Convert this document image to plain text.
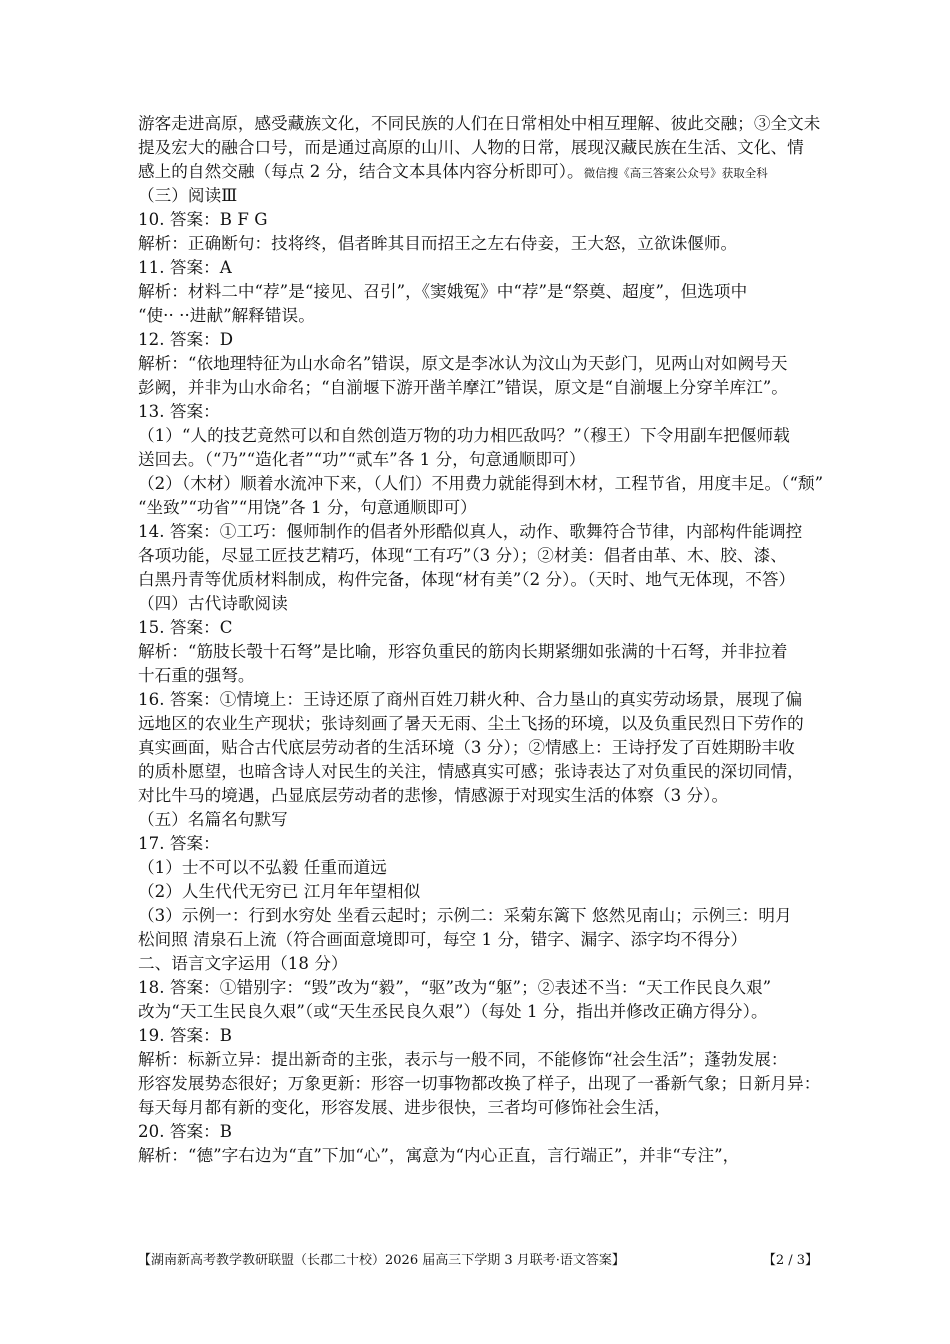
游客走进高原，感受藏族文化，不同民族的人们在日常相处中相互理解、彼此交融；③全文未
提及宏大的融合口号，而是通过高原的山川、人物的日常，展现汉藏民族在生活、文化、情
感上的自然交融（每点 2 分，结合文本具体内容分析即可）。微信搜《高三答案公众号》获取全科
（三）阅读Ⅲ
10. 答案：B F G
解析：正确断句：技将终，倡者眸其目而招王之左右侍妾，王大怒，立欲诛偃师。
11. 答案：A
解析：材料二中“荐”是“接见、召引”，《窦娥冤》中“荐”是“祭奠、超度”，但选项中
“使·· ··进献”解释错误。
12. 答案：D
解析：“依地理特征为山水命名”错误，原文是李冰认为汶山为天彭门，见两山对如阙号天
彭阙，并非为山水命名；“自湔堰下游开凿羊摩江”错误，原文是“自湔堰上分穿羊库江”。
13. 答案：
（1）“人的技艺竟然可以和自然创造万物的功力相匹敌吗？”（穆王）下令用副车把偃师载
送回去。（“乃”“造化者”“功”“贰车”各 1 分，句意通顺即可）
（2）（木材）顺着水流冲下来，（人们）不用费力就能得到木材，工程节省，用度丰足。（“颓”
“坐致”“功省”“用饶”各 1 分，句意通顺即可）
14. 答案：①工巧：偃师制作的倡者外形酷似真人，动作、歌舞符合节律，内部构件能调控
各项功能，尽显工匠技艺精巧，体现“工有巧”（3 分）；②材美：倡者由革、木、胶、漆、
白黑丹青等优质材料制成，构件完备，体现“材有美”（2 分）。（天时、地气无体现，不答）
（四）古代诗歌阅读
15. 答案：C
解析：“筋肢长彀十石弩”是比喻，形容负重民的筋肉长期紧绷如张满的十石弩，并非拉着
十石重的强弩。
16. 答案：①情境上：王诗还原了商州百姓刀耕火种、合力垦山的真实劳动场景，展现了偏
远地区的农业生产现状；张诗刻画了暑天无雨、尘土飞扬的环境，以及负重民烈日下劳作的
真实画面，贴合古代底层劳动者的生活环境（3 分）；②情感上：王诗抒发了百姓期盼丰收
的质朴愿望，也暗含诗人对民生的关注，情感真实可感；张诗表达了对负重民的深切同情，
对比牛马的境遇，凸显底层劳动者的悲惨，情感源于对现实生活的体察（3 分）。
（五）名篇名句默写
17. 答案：
（1）士不可以不弘毅 任重而道远
（2）人生代代无穷已 江月年年望相似
（3）示例一：行到水穷处 坐看云起时；示例二：采菊东篱下 悠然见南山；示例三：明月
松间照 清泉石上流（符合画面意境即可，每空 1 分，错字、漏字、添字均不得分）
二、语言文字运用（18 分）
18. 答案：①错别字：“毁”改为“毅”，“驱”改为“躯”；②表述不当：“天工作民良久艰”
改为“天工生民良久艰”（或“天生丞民良久艰”）（每处 1 分，指出并修改正确方得分）。
19. 答案：B
解析：标新立异：提出新奇的主张，表示与一般不同，不能修饰“社会生活”；蓬勃发展：
形容发展势态很好；万象更新：形容一切事物都改换了样子，出现了一番新气象；日新月异：
每天每月都有新的变化，形容发展、进步很快，三者均可修饰社会生活，
20. 答案：B
解析：“德”字右边为“直”下加“心”，寓意为“内心正直，言行端正”，并非“专注”，
【湖南新高考教学教研联盟（长郡二十校）2026 届高三下学期 3 月联考·语文答案】	【2 / 3】
